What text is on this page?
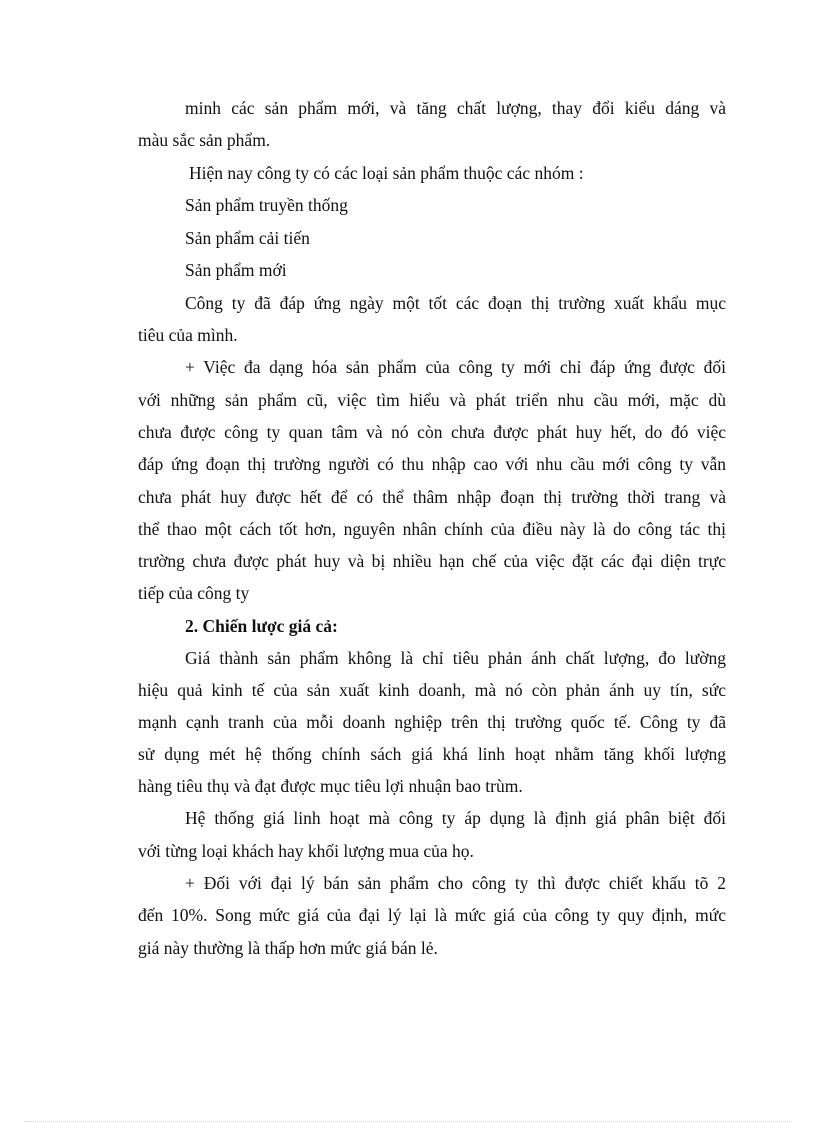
minh các sản phẩm mới, và tăng chất lượng, thay đổi kiểu dáng và
màu sắc sản phẩm.
Hiện nay công ty có các loại sản phẩm thuộc các nhóm :
Sản phẩm truyền thống
Sản phẩm cải tiến
Sản phẩm mới
Công ty đã đáp ứng ngày một tốt các đoạn thị trường xuất khẩu mục
tiêu của mình.
+ Việc đa dạng hóa sản phẩm của công ty mới chỉ đáp ứng được đối
với những sản phẩm cũ, việc tìm hiểu và phát triển nhu cầu mới, mặc dù
chưa được công ty quan tâm và nó còn chưa được phát huy hết, do đó việc
đáp ứng đoạn thị trường người có thu nhập cao với nhu cầu mới công ty vẫn
chưa phát huy được hết để có thể thâm nhập đoạn thị trường thời trang và
thể thao một cách tốt hơn, nguyên nhân chính của điều này là do công tác thị
trường chưa được phát huy và bị nhiều hạn chế của việc đặt các đại diện trực
tiếp của công ty
2. Chiến lược giá cả:
Giá thành sản phẩm không là chỉ tiêu phản ánh chất lượng, đo lường
hiệu quả kinh tế của sản xuất kinh doanh, mà nó còn phản ánh uy tín, sức
mạnh cạnh tranh của mỗi doanh nghiệp trên thị trường quốc tế. Công ty đã
sử dụng mét hệ thống chính sách giá khá linh hoạt nhằm tăng khối lượng
hàng tiêu thụ và đạt được mục tiêu lợi nhuận bao trùm.
Hệ thống giá linh hoạt mà công ty áp dụng là định giá phân biệt đối
với từng loại khách hay khối lượng mua của họ.
+ Đối với đại lý bán sản phẩm cho công ty thì được chiết khấu tõ 2
đến 10%. Song mức giá của đại lý lại là mức giá của công ty quy định, mức
giá này thường là thấp hơn mức giá bán lẻ.
